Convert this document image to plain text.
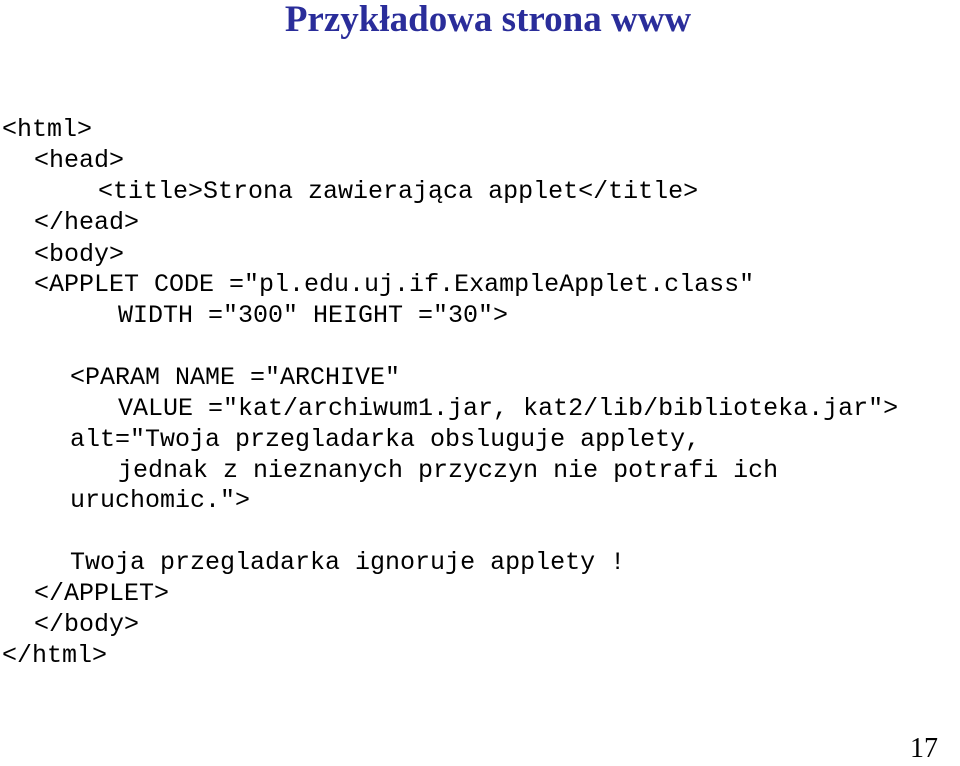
Przykładowa strona www
<html>
<head>
<title>Strona zawierająca applet</title>
</head>
<body>
<APPLET CODE ="pl.edu.uj.if.ExampleApplet.class"
WIDTH ="300" HEIGHT ="30">
<PARAM NAME ="ARCHIVE"
VALUE ="kat/archiwum1.jar, kat2/lib/biblioteka.jar">
alt="Twoja przegladarka obsluguje applety,
jednak z nieznanych przyczyn nie potrafi ich
uruchomic.">
Twoja przegladarka ignoruje applety !
</APPLET>
</body>
</html>
17
